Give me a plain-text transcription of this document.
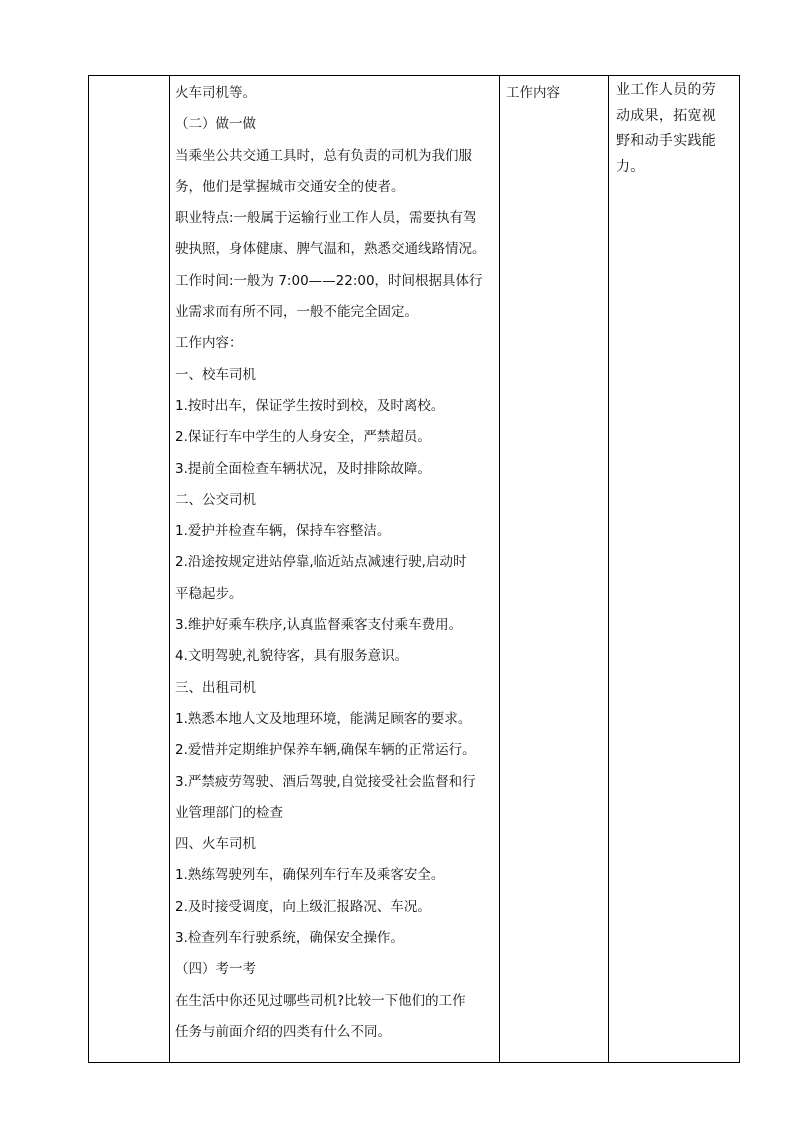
火车司机等。
（二）做一做
当乘坐公共交通工具时，总有负责的司机为我们服
务，他们是掌握城市交通安全的使者。
职业特点:一般属于运输行业工作人员，需要执有驾
驶执照，身体健康、脾气温和，熟悉交通线路情况。
工作时间:一般为 7:00——22:00，时间根据具体行
业需求而有所不同，一般不能完全固定。
工作内容：
一、校车司机
1.按时出车，保证学生按时到校，及时离校。
2.保证行车中学生的人身安全，严禁超员。
3.提前全面检查车辆状况，及时排除故障。
二、公交司机
1.爱护并检查车辆，保持车容整洁。
2.沿途按规定进站停靠,临近站点减速行驶,启动时
平稳起步。
3.维护好乘车秩序,认真监督乘客支付乘车费用。
4.文明驾驶,礼貌待客，具有服务意识。
三、出租司机
1.熟悉本地人文及地理环境，能满足顾客的要求。
2.爱惜并定期维护保养车辆,确保车辆的正常运行。
3.严禁疲劳驾驶、酒后驾驶,自觉接受社会监督和行
业管理部门的检查
四、火车司机
1.熟练驾驶列车，确保列车行车及乘客安全。
2.及时接受调度，向上级汇报路况、车况。
3.检查列车行驶系统，确保安全操作。
（四）考一考
在生活中你还见过哪些司机?比较一下他们的工作
任务与前面介绍的四类有什么不同。

工作内容	业工作人员的劳
动成果，拓宽视
野和动手实践能
力。
